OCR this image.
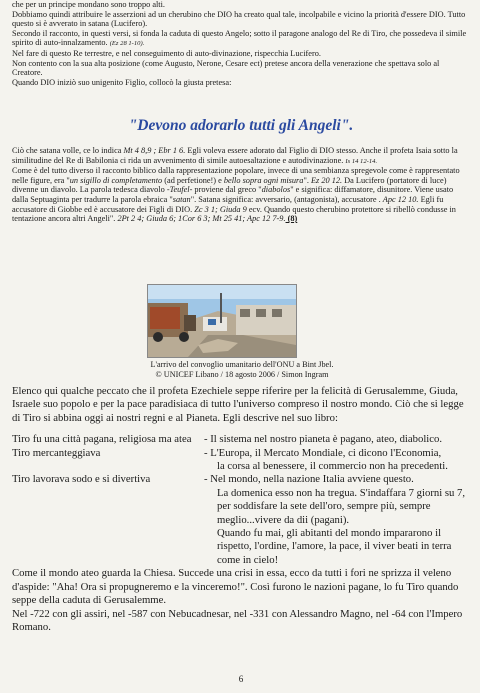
che per un principe mondano sono troppo alti.

Dobbiamo quindi attribuire le asserzioni ad un cherubino che DIO ha creato qual tale, incolpabile e vicino la priorità d'essere DIO. Tutto questo si è avverato in satana (Lucifero).

Secondo il racconto, in questi versi, si fonda la caduta di questo Angelo; sotto il paragone analogo del Re di Tiro, che possedeva il simile spirito di auto-innalzamento. (Ez 28 1-10).

Nel fare di questo Re terrestre, e nel conseguimento di auto-divinazione, rispecchia Lucifero.

Non contento con la sua alta posizione (come Augusto, Nerone, Cesare ect) pretese ancora della venerazione che spettava solo al Creatore.

Quando DIO iniziò suo unigenito Figlio, collocò la giusta pretesa:

"Devono adorarlo tutti gli Angeli".

Ciò che satana volle, ce lo indica Mt 4 8,9 ; Ebr 1 6. Egli voleva essere adorato dal Figlio di DIO stesso. Anche il profeta Isaia sotto la similitudine del Re di Babilonia ci rida un avvenimento di simile autoesaltazione e autodivinazione. Is 14 12-14.

Come è del tutto diverso il racconto biblico dalla rappresentazione popolare, invece di una sembianza spregevole come è rappresentato nelle figure, era "un sigillo di completamento (ad perfetione!) e bello sopra ogni misura". Ez 20 12. Da Lucifero (portatore di luce) divenne un diavolo. La parola tedesca diavolo -Teufel- proviene dal greco "diabolos" e significa: diffamatore, disunitore. Viene usato dalla Septuaginta per tradurre la parola ebraica "satan". Satana significa: avversario, (antagonista), accusatore . Apc 12 10. Egli fu accusatore di Giobbe ed è accusatore dei Figli di DIO. Zc 3 1; Giuda 9 ecv. Quando questo cherubino protettore si ribellò condusse in tentazione ancora altri Angeli". 2Pt 2 4; Giuda 6; 1Cor 6 3; Mt 25 41; Apc 12 7-9. (8)

L'arrivo del convoglio umanitario dell'ONU a Bint Jbel.
© UNICEF Libano / 18 agosto 2006 / Simon Ingram

Elenco qui qualche peccato che il profeta Ezechiele seppe riferire per la felicità di Gerusalemme, Giuda, Israele suo popolo e per la pace paradisiaca di tutto l'universo compreso il nostro mondo. Ciò che si legge di Tiro si abbina oggi ai nostri regni e al Pianeta. Egli descrive nel suo libro:

Tiro fu una città pagana, religiosa ma atea	- Il sistema nel nostro pianeta è pagano, ateo, diabolico.
Tiro mercanteggiava	- L'Europa, il Mercato Mondiale, ci dicono l'Economia,
la corsa al benessere, il commercio non ha precedenti.
Tiro lavorava sodo e si divertiva	- Nel mondo, nella nazione Italia avviene questo.
La domenica esso non ha tregua. S'indaffara 7 giorni su 7, per soddisfare la sete dell'oro, sempre più, sempre meglio...vivere da dii (pagani).
Quando fu mai, gli abitanti del mondo impararono il rispetto, l'ordine, l'amore, la pace, il viver beati in terra come in cielo!

Come il mondo ateo guarda la Chiesa. Succede una crisi in essa, ecco da tutti i fori ne sprizza il veleno d'aspide: "Aha! Ora si propugneremo e la vinceremo!". Così furono le nazioni pagane, lo fu Tiro quando seppe della caduta di Gerusalemme.

Nel -722 con gli assiri, nel -587 con Nebucadnesar, nel -331 con Alessandro Magno, nel -64 con l'Impero Romano.

6
